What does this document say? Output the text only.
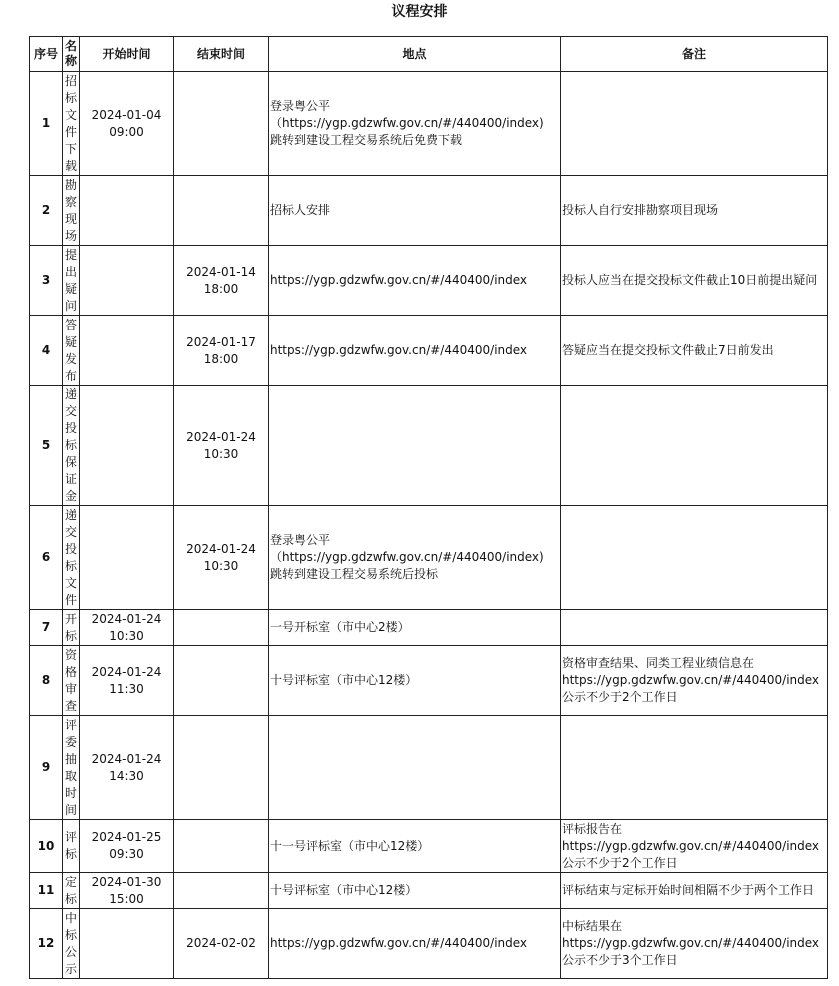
议程安排
序号	名称	开始时间	结束时间	地点	备注
1	招标文件下载	2024-01-04
09:00		登录粤公平
（https://ygp.gdzwfw.gov.cn/#/440400/index)
跳转到建设工程交易系统后免费下载	
2	勘察现场			招标人安排	投标人自行安排勘察项目现场
3	提出疑问		2024-01-14
18:00	https://ygp.gdzwfw.gov.cn/#/440400/index	投标人应当在提交投标文件截止10日前提出疑问
4	答疑发布		2024-01-17
18:00	https://ygp.gdzwfw.gov.cn/#/440400/index	答疑应当在提交投标文件截止7日前发出
5	递交投标保证金		2024-01-24
10:30		
6	递交投标文件		2024-01-24
10:30	登录粤公平
（https://ygp.gdzwfw.gov.cn/#/440400/index)
跳转到建设工程交易系统后投标	
7	开标	2024-01-24
10:30		一号开标室（市中心2楼）	
8	资格审查	2024-01-24
11:30		十号评标室（市中心12楼）	资格审查结果、同类工程业绩信息在
https://ygp.gdzwfw.gov.cn/#/440400/index
公示不少于2个工作日
9	评委抽取时间	2024-01-24
14:30			
10	评标	2024-01-25
09:30		十一号评标室（市中心12楼）	评标报告在
https://ygp.gdzwfw.gov.cn/#/440400/index
公示不少于2个工作日
11	定标	2024-01-30
15:00		十号评标室（市中心12楼）	评标结束与定标开始时间相隔不少于两个工作日
12	中标公示		2024-02-02	https://ygp.gdzwfw.gov.cn/#/440400/index	中标结果在
https://ygp.gdzwfw.gov.cn/#/440400/index
公示不少于3个工作日
